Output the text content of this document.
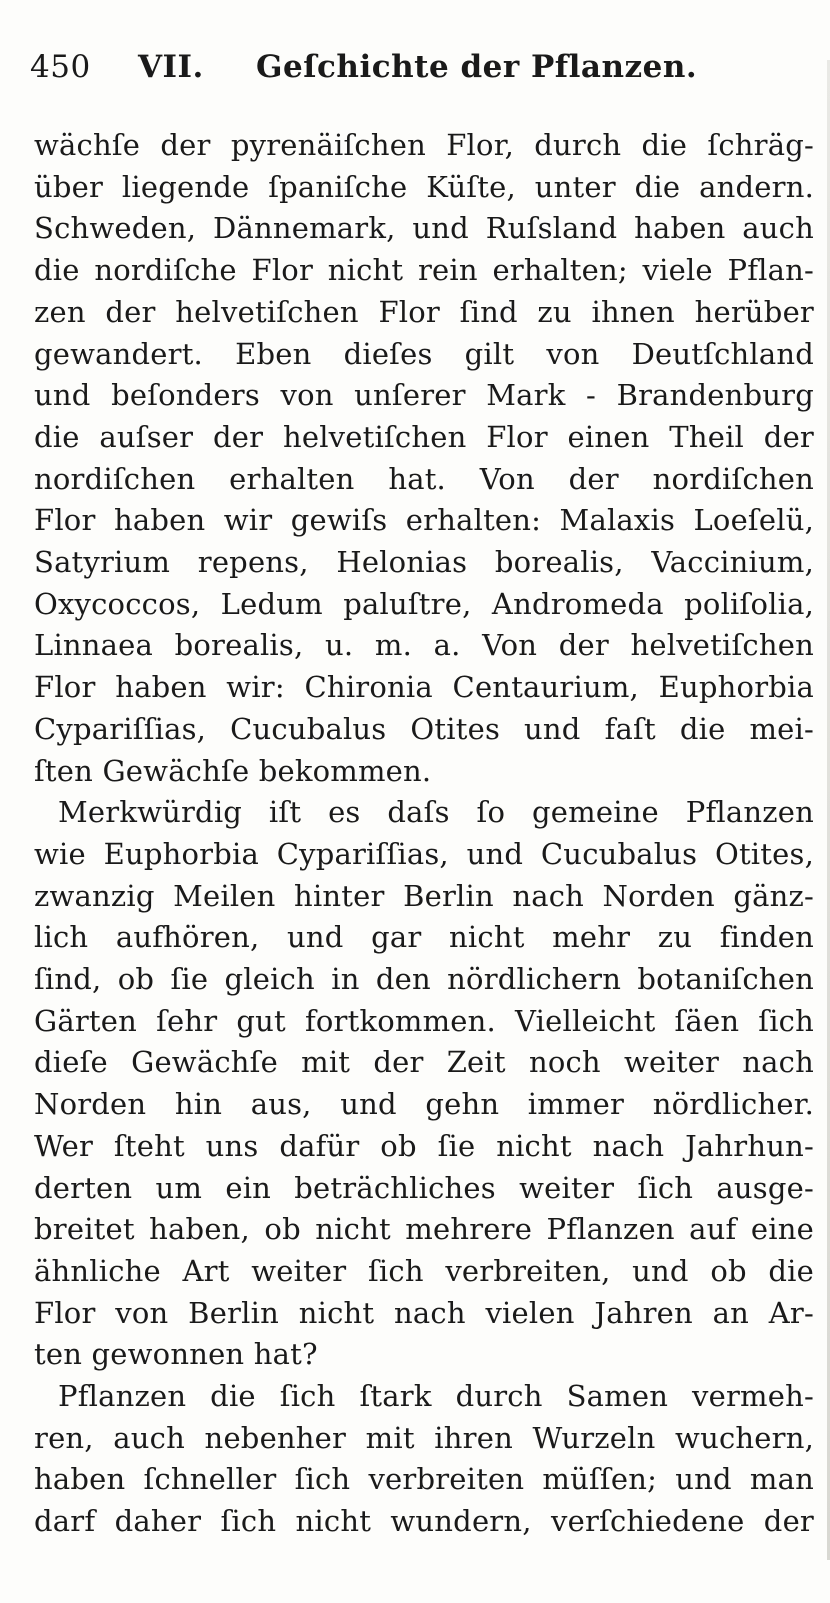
450 VII. Geſchichte der Pflanzen.
wächſe der pyrenäiſchen Flor, durch die ſchräg-
über liegende ſpaniſche Küſte, unter die andern.
Schweden, Dännemark, und Ruſsland haben auch
die nordiſche Flor nicht rein erhalten; viele Pflan-
zen der helvetiſchen Flor ſind zu ihnen herüber
gewandert. Eben dieſes gilt von Deutſchland
und beſonders von unſerer Mark - Brandenburg
die auſser der helvetiſchen Flor einen Theil der
nordiſchen erhalten hat. Von der nordiſchen
Flor haben wir gewiſs erhalten: Malaxis Loeſelü,
Satyrium repens, Helonias borealis, Vaccinium,
Oxycoccos, Ledum paluſtre, Andromeda poliſolia,
Linnaea borealis, u. m. a. Von der helvetiſchen
Flor haben wir: Chironia Centaurium, Euphorbia
Cypariſſias, Cucubalus Otites und faſt die mei-
ſten Gewächſe bekommen.
Merkwürdig iſt es daſs ſo gemeine Pflanzen
wie Euphorbia Cypariſſias, und Cucubalus Otites,
zwanzig Meilen hinter Berlin nach Norden gänz-
lich aufhören, und gar nicht mehr zu finden
ſind, ob ſie gleich in den nördlichern botaniſchen
Gärten ſehr gut fortkommen. Vielleicht ſäen ſich
dieſe Gewächſe mit der Zeit noch weiter nach
Norden hin aus, und gehn immer nördlicher.
Wer ſteht uns dafür ob ſie nicht nach Jahrhun-
derten um ein beträchliches weiter ſich ausge-
breitet haben, ob nicht mehrere Pflanzen auf eine
ähnliche Art weiter ſich verbreiten, und ob die
Flor von Berlin nicht nach vielen Jahren an Ar-
ten gewonnen hat?
Pflanzen die ſich ſtark durch Samen vermeh-
ren, auch nebenher mit ihren Wurzeln wuchern,
haben ſchneller ſich verbreiten müſſen; und man
darf daher ſich nicht wundern, verſchiedene der
